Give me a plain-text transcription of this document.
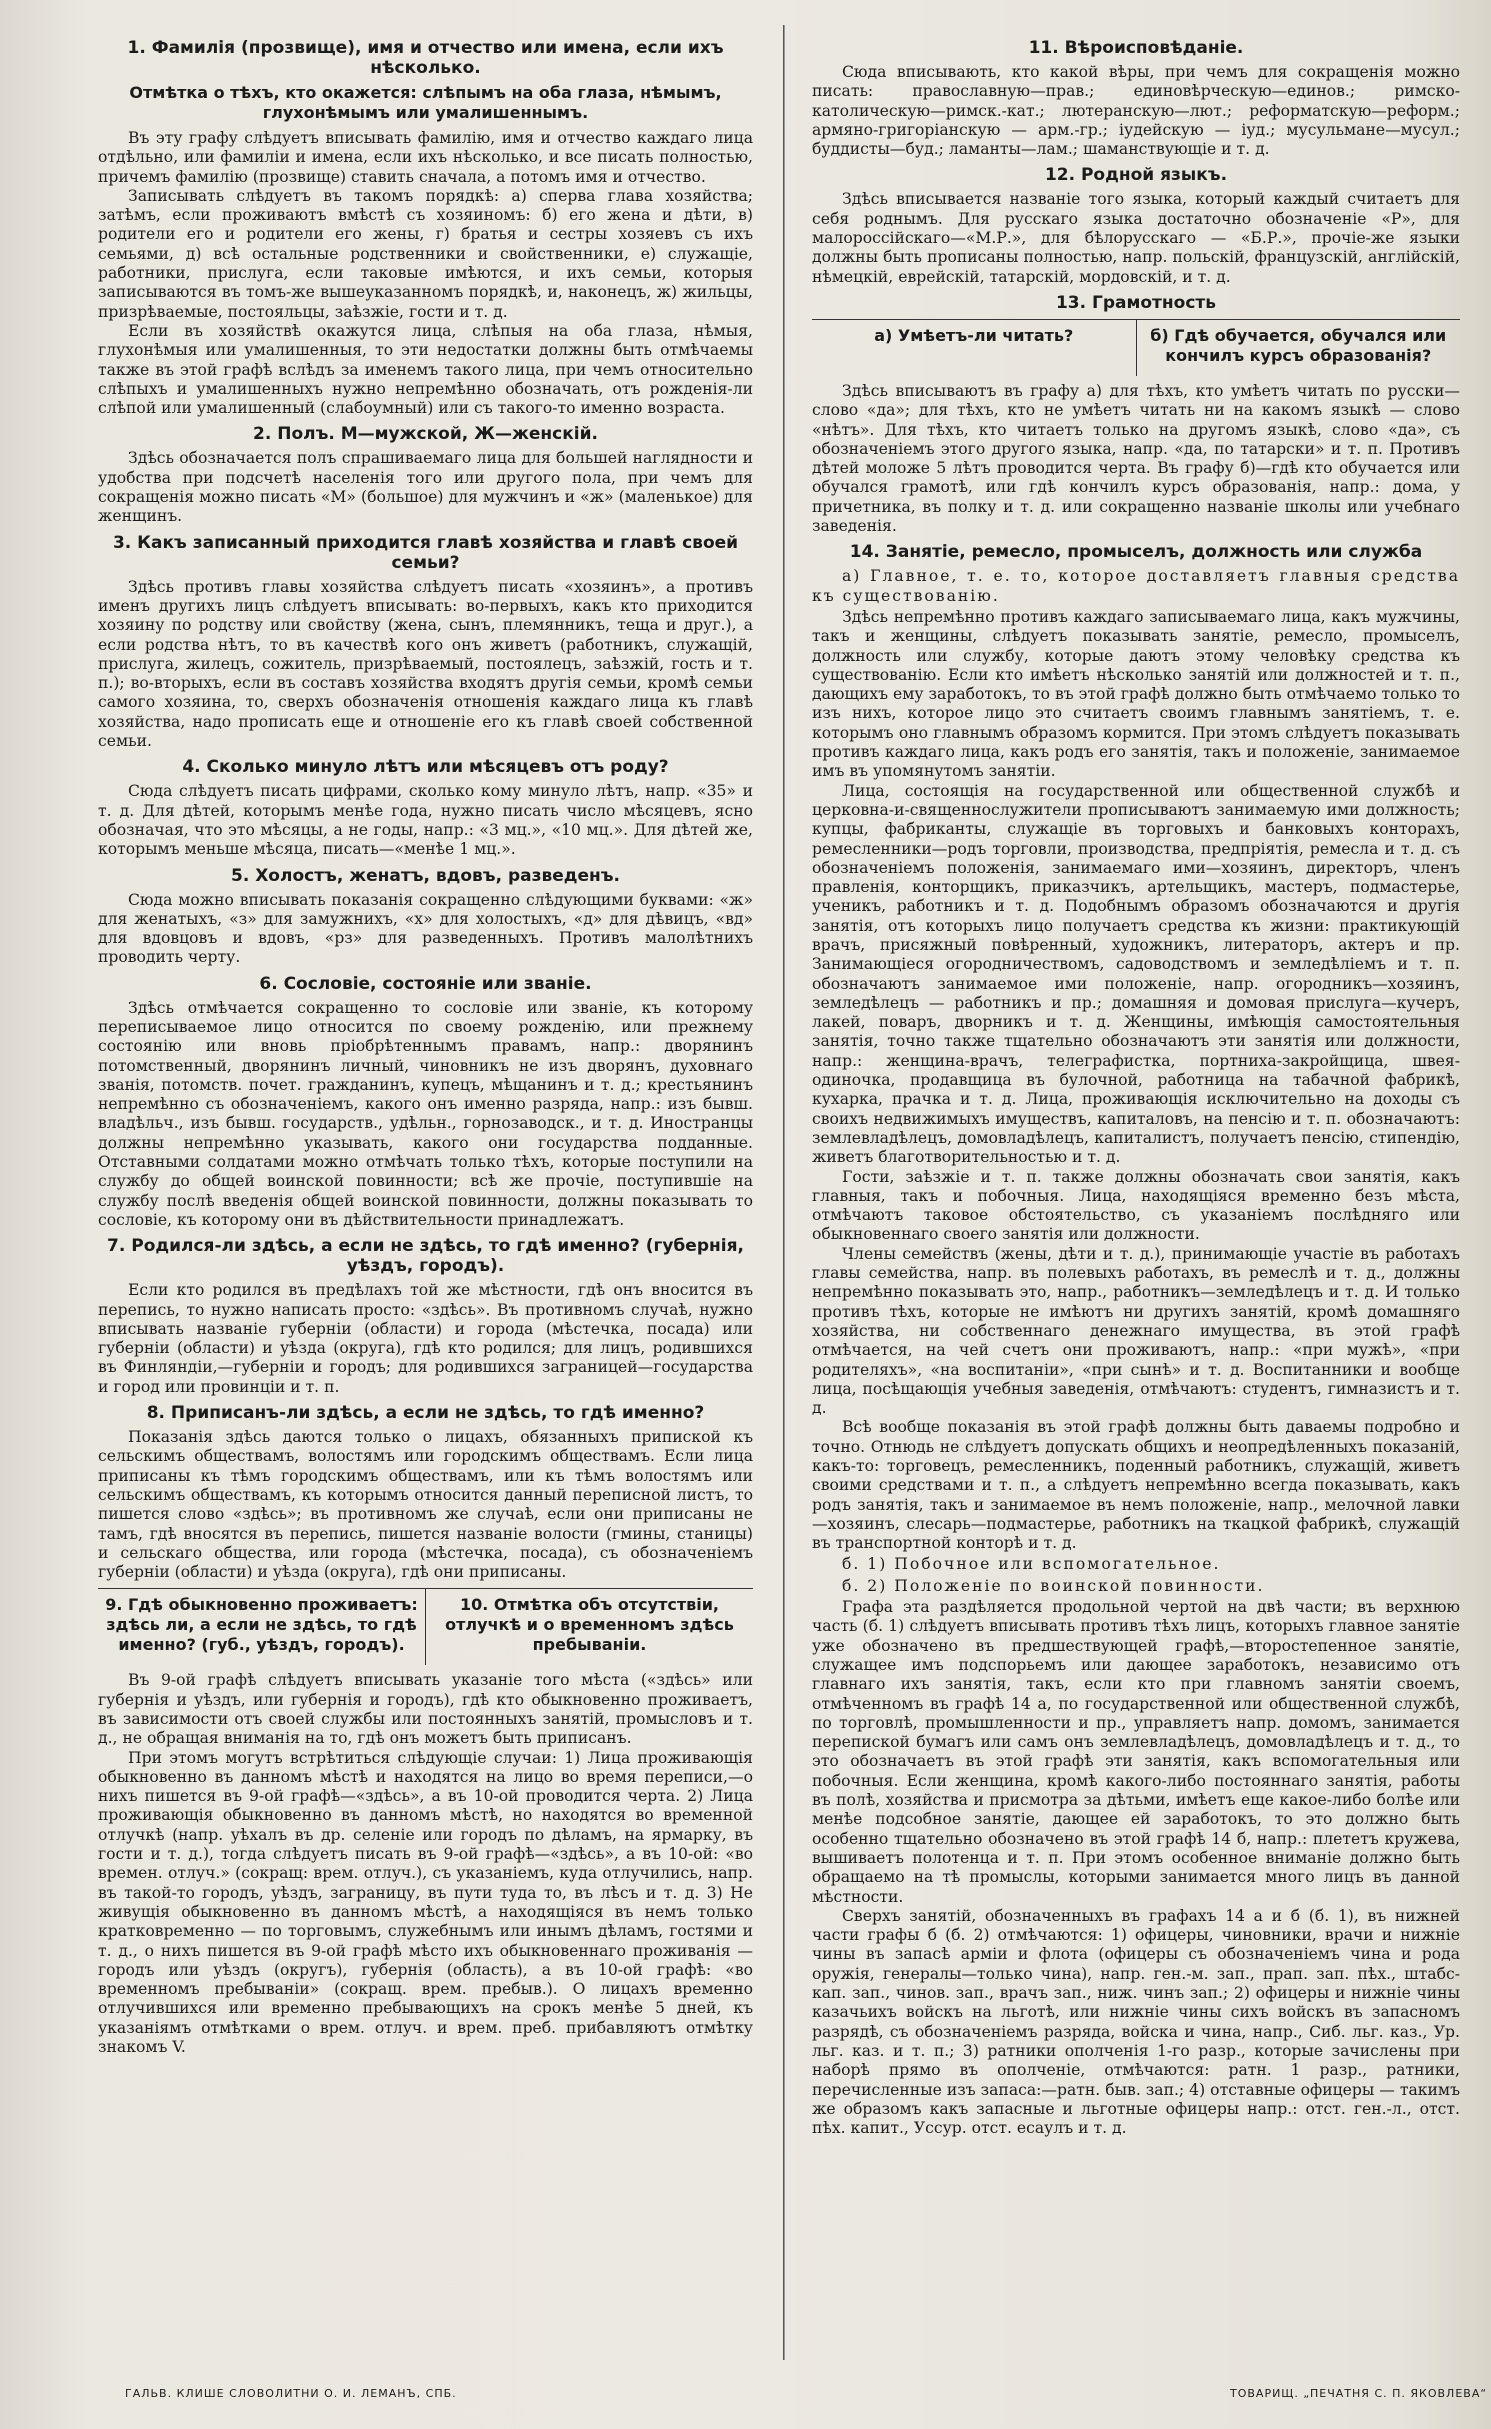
1. Фамилія (прозвище), имя и отчество или имена, если ихъ нѣсколько.
Отмѣтка о тѣхъ, кто окажется: слѣпымъ на оба глаза, нѣмымъ, глухонѣмымъ или умалишеннымъ.

Въ эту графу слѣдуетъ вписывать фамилію, имя и отчество каждаго лица отдѣльно, или фамиліи и имена, если ихъ нѣсколько, и все писать полностью, причемъ фамилію (прозвище) ставить сначала, а потомъ имя и отчество.

Записывать слѣдуетъ въ такомъ порядкѣ: а) сперва глава хозяйства; затѣмъ, если проживаютъ вмѣстѣ съ хозяиномъ: б) его жена и дѣти, в) родители его и родители его жены, г) братья и сестры хозяевъ съ ихъ семьями, д) всѣ остальные родственники и свойственники, е) служащіе, работники, прислуга, если таковые имѣются, и ихъ семьи, которыя записываются въ томъ-же вышеуказанномъ порядкѣ, и, наконецъ, ж) жильцы, призрѣваемые, постояльцы, заѣзжіе, гости и т. д.

Если въ хозяйствѣ окажутся лица, слѣпыя на оба глаза, нѣмыя, глухонѣмыя или умалишенныя, то эти недостатки должны быть отмѣчаемы также въ этой графѣ вслѣдъ за именемъ такого лица, при чемъ относительно слѣпыхъ и умалишенныхъ нужно непремѣнно обозначать, отъ рожденія-ли слѣпой или умалишенный (слабоумный) или съ такого-то именно возраста.

2. Полъ. М—мужской, Ж—женскій.

Здѣсь обозначается полъ спрашиваемаго лица для большей наглядности и удобства при подсчетѣ населенія того или другого пола, при чемъ для сокращенія можно писать «М» (большое) для мужчинъ и «ж» (маленькое) для женщинъ.

3. Какъ записанный приходится главѣ хозяйства и главѣ своей семьи?

Здѣсь противъ главы хозяйства слѣдуетъ писать «хозяинъ», а противъ именъ другихъ лицъ слѣдуетъ вписывать: во-первыхъ, какъ кто приходится хозяину по родству или свойству (жена, сынъ, племянникъ, теща и друг.), а если родства нѣтъ, то въ качествѣ кого онъ живетъ (работникъ, служащій, прислуга, жилецъ, сожитель, призрѣваемый, постоялецъ, заѣзжій, гость и т. п.); во-вторыхъ, если въ составъ хозяйства входятъ другія семьи, кромѣ семьи самого хозяина, то, сверхъ обозначенія отношенія каждаго лица къ главѣ хозяйства, надо прописать еще и отношеніе его къ главѣ своей собственной семьи.

4. Сколько минуло лѣтъ или мѣсяцевъ отъ роду?

Сюда слѣдуетъ писать цифрами, сколько кому минуло лѣтъ, напр. «35» и т. д. Для дѣтей, которымъ менѣе года, нужно писать число мѣсяцевъ, ясно обозначая, что это мѣсяцы, а не годы, напр.: «3 мц.», «10 мц.». Для дѣтей же, которымъ меньше мѣсяца, писать—«менѣе 1 мц.».

5. Холостъ, женатъ, вдовъ, разведенъ.

Сюда можно вписывать показанія сокращенно слѣдующими буквами: «ж» для женатыхъ, «з» для замужнихъ, «х» для холостыхъ, «д» для дѣвицъ, «вд» для вдовцовъ и вдовъ, «рз» для разведенныхъ. Противъ малолѣтнихъ проводить черту.

6. Сословіе, состояніе или званіе.

Здѣсь отмѣчается сокращенно то сословіе или званіе, къ которому переписываемое лицо относится по своему рожденію, или прежнему состоянію или вновь пріобрѣтеннымъ правамъ, напр.: дворянинъ потомственный, дворянинъ личный, чиновникъ не изъ дворянъ, духовнаго званія, потомств. почет. гражданинъ, купецъ, мѣщанинъ и т. д.; крестьянинъ непремѣнно съ обозначеніемъ, какого онъ именно разряда, напр.: изъ бывш. владѣльч., изъ бывш. государств., удѣльн., горнозаводск., и т. д. Иностранцы должны непремѣнно указывать, какого они государства подданные. Отставными солдатами можно отмѣчать только тѣхъ, которые поступили на службу до общей воинской повинности; всѣ же прочіе, поступившіе на службу послѣ введенія общей воинской повинности, должны показывать то сословіе, къ которому они въ дѣйствительности принадлежатъ.

7. Родился-ли здѣсь, а если не здѣсь, то гдѣ именно? (губернія, уѣздъ, городъ).

Если кто родился въ предѣлахъ той же мѣстности, гдѣ онъ вносится въ перепись, то нужно написать просто: «здѣсь». Въ противномъ случаѣ, нужно вписывать названіе губерніи (области) и города (мѣстечка, посада) или губерніи (области) и уѣзда (округа), гдѣ кто родился; для лицъ, родившихся въ Финляндіи,—губерніи и городъ; для родившихся заграницей—государства и город или провинціи и т. п.

8. Приписанъ-ли здѣсь, а если не здѣсь, то гдѣ именно?

Показанія здѣсь даются только о лицахъ, обязанныхъ припиской къ сельскимъ обществамъ, волостямъ или городскимъ обществамъ. Если лица приписаны къ тѣмъ городскимъ обществамъ, или къ тѣмъ волостямъ или сельскимъ обществамъ, къ которымъ относится данный переписной листъ, то пишется слово «здѣсь»; въ противномъ же случаѣ, если они приписаны не тамъ, гдѣ вносятся въ перепись, пишется названіе волости (гмины, станицы) и сельскаго общества, или города (мѣстечка, посада), съ обозначеніемъ губерніи (области) и уѣзда (округа), гдѣ они приписаны.

9. Гдѣ обыкновенно проживаетъ: здѣсь ли, а если не здѣсь, то гдѣ именно? (губ., уѣздъ, городъ).
10. Отмѣтка объ отсутствіи, отлучкѣ и о временномъ здѣсь пребываніи.

Въ 9-ой графѣ слѣдуетъ вписывать указаніе того мѣста («здѣсь» или губернія и уѣздъ, или губернія и городъ), гдѣ кто обыкновенно проживаетъ, въ зависимости отъ своей службы или постоянныхъ занятій, промысловъ и т. д., не обращая вниманія на то, гдѣ онъ можетъ быть приписанъ.

При этомъ могутъ встрѣтиться слѣдующіе случаи: 1) Лица проживающія обыкновенно въ данномъ мѣстѣ и находятся на лицо во время переписи,—о нихъ пишется въ 9-ой графѣ—«здѣсь», а въ 10-ой проводится черта. 2) Лица проживающія обыкновенно въ данномъ мѣстѣ, но находятся во временной отлучкѣ (напр. уѣхалъ въ др. селеніе или городъ по дѣламъ, на ярмарку, въ гости и т. д.), тогда слѣдуетъ писать въ 9-ой графѣ—«здѣсь», а въ 10-ой: «во времен. отлуч.» (сокращ: врем. отлуч.), съ указаніемъ, куда отлучились, напр. въ такой-то городъ, уѣздъ, заграницу, въ пути туда то, въ лѣсъ и т. д. 3) Не живущія обыкновенно въ данномъ мѣстѣ, а находящіяся въ немъ только кратковременно — по торговымъ, служебнымъ или инымъ дѣламъ, гостями и т. д., о нихъ пишется въ 9-ой графѣ мѣсто ихъ обыкновеннаго проживанія — городъ или уѣздъ (округъ), губернія (область), а въ 10-ой графѣ: «во временномъ пребываніи» (сокращ. врем. пребыв.). О лицахъ временно отлучившихся или временно пребывающихъ на срокъ менѣе 5 дней, къ указаніямъ отмѣтками о врем. отлуч. и врем. преб. прибавляютъ отмѣтку знакомъ V.

11. Вѣроисповѣданіе.

Сюда вписывають, кто какой вѣры, при чемъ для сокращенія можно писать: православную—прав.; единовѣрческую—единов.; римско-католическую—римск.-кат.; лютеранскую—лют.; реформатскую—реформ.; армяно-григоріанскую — арм.-гр.; іудейскую — іуд.; мусульмане—мусул.; буддисты—буд.; ламанты—лам.; шаманствующіе и т. д.

12. Родной языкъ.

Здѣсь вписывается названіе того языка, который каждый считаетъ для себя роднымъ. Для русскаго языка достаточно обозначеніе «Р», для малороссійскаго—«М.Р.», для бѣлорусскаго — «Б.Р.», прочіе-же языки должны быть прописаны полностью, напр. польскій, французскій, англійскій, нѣмецкій, еврейскій, татарскій, мордовскій, и т. д.

13. Грамотность
а) Умѣетъ-ли читать?	б) Гдѣ обучается, обучался или кончилъ курсъ образованія?

Здѣсь вписываютъ въ графу а) для тѣхъ, кто умѣетъ читать по русски—слово «да»; для тѣхъ, кто не умѣетъ читать ни на какомъ языкѣ — слово «нѣтъ». Для тѣхъ, кто читаетъ только на другомъ языкѣ, слово «да», съ обозначеніемъ этого другого языка, напр. «да, по татарски» и т. п. Противъ дѣтей моложе 5 лѣтъ проводится черта. Въ графу б)—гдѣ кто обучается или обучался грамотѣ, или гдѣ кончилъ курсъ образованія, напр.: дома, у причетника, въ полку и т. д. или сокращенно названіе школы или учебнаго заведенія.

14. Занятіе, ремесло, промыселъ, должность или служба

а) Главное, т. е. то, которое доставляетъ главныя средства къ существованію.

Здѣсь непремѣнно противъ каждаго записываемаго лица, какъ мужчины, такъ и женщины, слѣдуетъ показывать занятіе, ремесло, промыселъ, должность или службу, которые даютъ этому человѣку средства къ существованію. Если кто имѣетъ нѣсколько занятій или должностей и т. п., дающихъ ему заработокъ, то въ этой графѣ должно быть отмѣчаемо только то изъ нихъ, которое лицо это считаетъ своимъ главнымъ занятіемъ, т. е. которымъ оно главнымъ образомъ кормится. При этомъ слѣдуетъ показывать противъ каждаго лица, какъ родъ его занятія, такъ и положеніе, занимаемое имъ въ упомянутомъ занятіи.

Лица, состоящія на государственной или общественной службѣ и церковна-и-священнослужители прописываютъ занимаемую ими должность; купцы, фабриканты, служащіе въ торговыхъ и банковыхъ конторахъ, ремесленники—родъ торговли, производства, предпріятія, ремесла и т. д. съ обозначеніемъ положенія, занимаемаго ими—хозяинъ, директоръ, членъ правленія, конторщикъ, приказчикъ, артельщикъ, мастеръ, подмастерье, ученикъ, работникъ и т. д. Подобнымъ образомъ обозначаются и другія занятія, отъ которыхъ лицо получаетъ средства къ жизни: практикующій врачъ, присяжный повѣренный, художникъ, литераторъ, актеръ и пр. Занимающіеся огородничествомъ, садоводствомъ и земледѣліемъ и т. п. обозначаютъ занимаемое ими положеніе, напр. огородникъ—хозяинъ, земледѣлецъ — работникъ и пр.; домашняя и домовая прислуга—кучеръ, лакей, поваръ, дворникъ и т. д. Женщины, имѣющія самостоятельныя занятія, точно также тщательно обозначаютъ эти занятія или должности, напр.: женщина-врачъ, телеграфистка, портниха-закройщица, швея-одиночка, продавщица въ булочной, работница на табачной фабрикѣ, кухарка, прачка и т. д. Лица, проживающія исключительно на доходы съ своихъ недвижимыхъ имуществъ, капиталовъ, на пенсію и т. п. обозначаютъ: землевладѣлецъ, домовладѣлецъ, капиталистъ, получаетъ пенсію, стипендію, живетъ благотворительностью и т. д.

Гости, заѣзжіе и т. п. также должны обозначать свои занятія, какъ главныя, такъ и побочныя. Лица, находящіяся временно безъ мѣста, отмѣчаютъ таковое обстоятельство, съ указаніемъ послѣдняго или обыкновеннаго своего занятія или должности.

Члены семействъ (жены, дѣти и т. д.), принимающіе участіе въ работахъ главы семейства, напр. въ полевыхъ работахъ, въ ремеслѣ и т. д., должны непремѣнно показывать это, напр., работникъ—земледѣлецъ и т. д. И только противъ тѣхъ, которые не имѣютъ ни другихъ занятій, кромѣ домашняго хозяйства, ни собственнаго денежнаго имущества, въ этой графѣ отмѣчается, на чей счетъ они проживаютъ, напр.: «при мужѣ», «при родителяхъ», «на воспитаніи», «при сынѣ» и т. д. Воспитанники и вообще лица, посѣщающія учебныя заведенія, отмѣчаютъ: студентъ, гимназистъ и т. д.

Всѣ вообще показанія въ этой графѣ должны быть даваемы подробно и точно. Отнюдь не слѣдуетъ допускать общихъ и неопредѣленныхъ показаній, какъ-то: торговецъ, ремесленникъ, поденный работникъ, служащій, живетъ своими средствами и т. п., а слѣдуетъ непремѣнно всегда показывать, какъ родъ занятія, такъ и занимаемое въ немъ положеніе, напр., мелочной лавки—хозяинъ, слесарь—подмастерье, работникъ на ткацкой фабрикѣ, служащій въ транспортной конторѣ и т. д.

б. 1) Побочное или вспомогательное.

б. 2) Положеніе по воинской повинности.

Графа эта раздѣляется продольной чертой на двѣ части; въ верхнюю часть (б. 1) слѣдуетъ вписывать противъ тѣхъ лицъ, которыхъ главное занятіе уже обозначено въ предшествующей графѣ,—второстепенное занятіе, служащее имъ подспорьемъ или дающее заработокъ, независимо отъ главнаго ихъ занятія, такъ, если кто при главномъ занятіи своемъ, отмѣченномъ въ графѣ 14 а, по государственной или общественной службѣ, по торговлѣ, промышленности и пр., управляетъ напр. домомъ, занимается перепиской бумагъ или самъ онъ землевладѣлецъ, домовладѣлецъ и т. д., то это обозначаетъ въ этой графѣ эти занятія, какъ вспомогательныя или побочныя. Если женщина, кромѣ какого-либо постояннаго занятія, работы въ полѣ, хозяйства и присмотра за дѣтьми, имѣетъ еще какое-либо болѣе или менѣе подсобное занятіе, дающее ей заработокъ, то это должно быть особенно тщательно обозначено въ этой графѣ 14 б, напр.: плететъ кружева, вышиваетъ полотенца и т. п. При этомъ особенное вниманіе должно быть обращаемо на тѣ промыслы, которыми занимается много лицъ въ данной мѣстности.

Сверхъ занятій, обозначенныхъ въ графахъ 14 а и б (б. 1), въ нижней части графы б (б. 2) отмѣчаются: 1) офицеры, чиновники, врачи и нижніе чины въ запасѣ арміи и флота (офицеры съ обозначеніемъ чина и рода оружія, генералы—только чина), напр. ген.-м. зап., прап. зап. пѣх., штабс-кап. зап., чинов. зап., врачъ зап., ниж. чинъ зап.; 2) офицеры и нижніе чины казачьихъ войскъ на льготѣ, или нижніе чины сихъ войскъ въ запасномъ разрядѣ, съ обозначеніемъ разряда, войска и чина, напр., Сиб. льг. каз., Ур. льг. каз. и т. п.; 3) ратники ополченія 1-го разр., которые зачислены при наборѣ прямо въ ополченіе, отмѣчаются: ратн. 1 разр., ратники, перечисленные изъ запаса:—ратн. быв. зап.; 4) отставные офицеры — такимъ же образомъ какъ запасные и льготные офицеры напр.: отст. ген.-л., отст. пѣх. капит., Уссур. отст. есаулъ и т. д.

ГАЛЬВ. КЛИШЕ СЛОВОЛИТНИ О. И. ЛЕМАНЪ, СПБ.	ТОВАРИЩ. „ПЕЧАТНЯ С. П. ЯКОВЛЕВА“
